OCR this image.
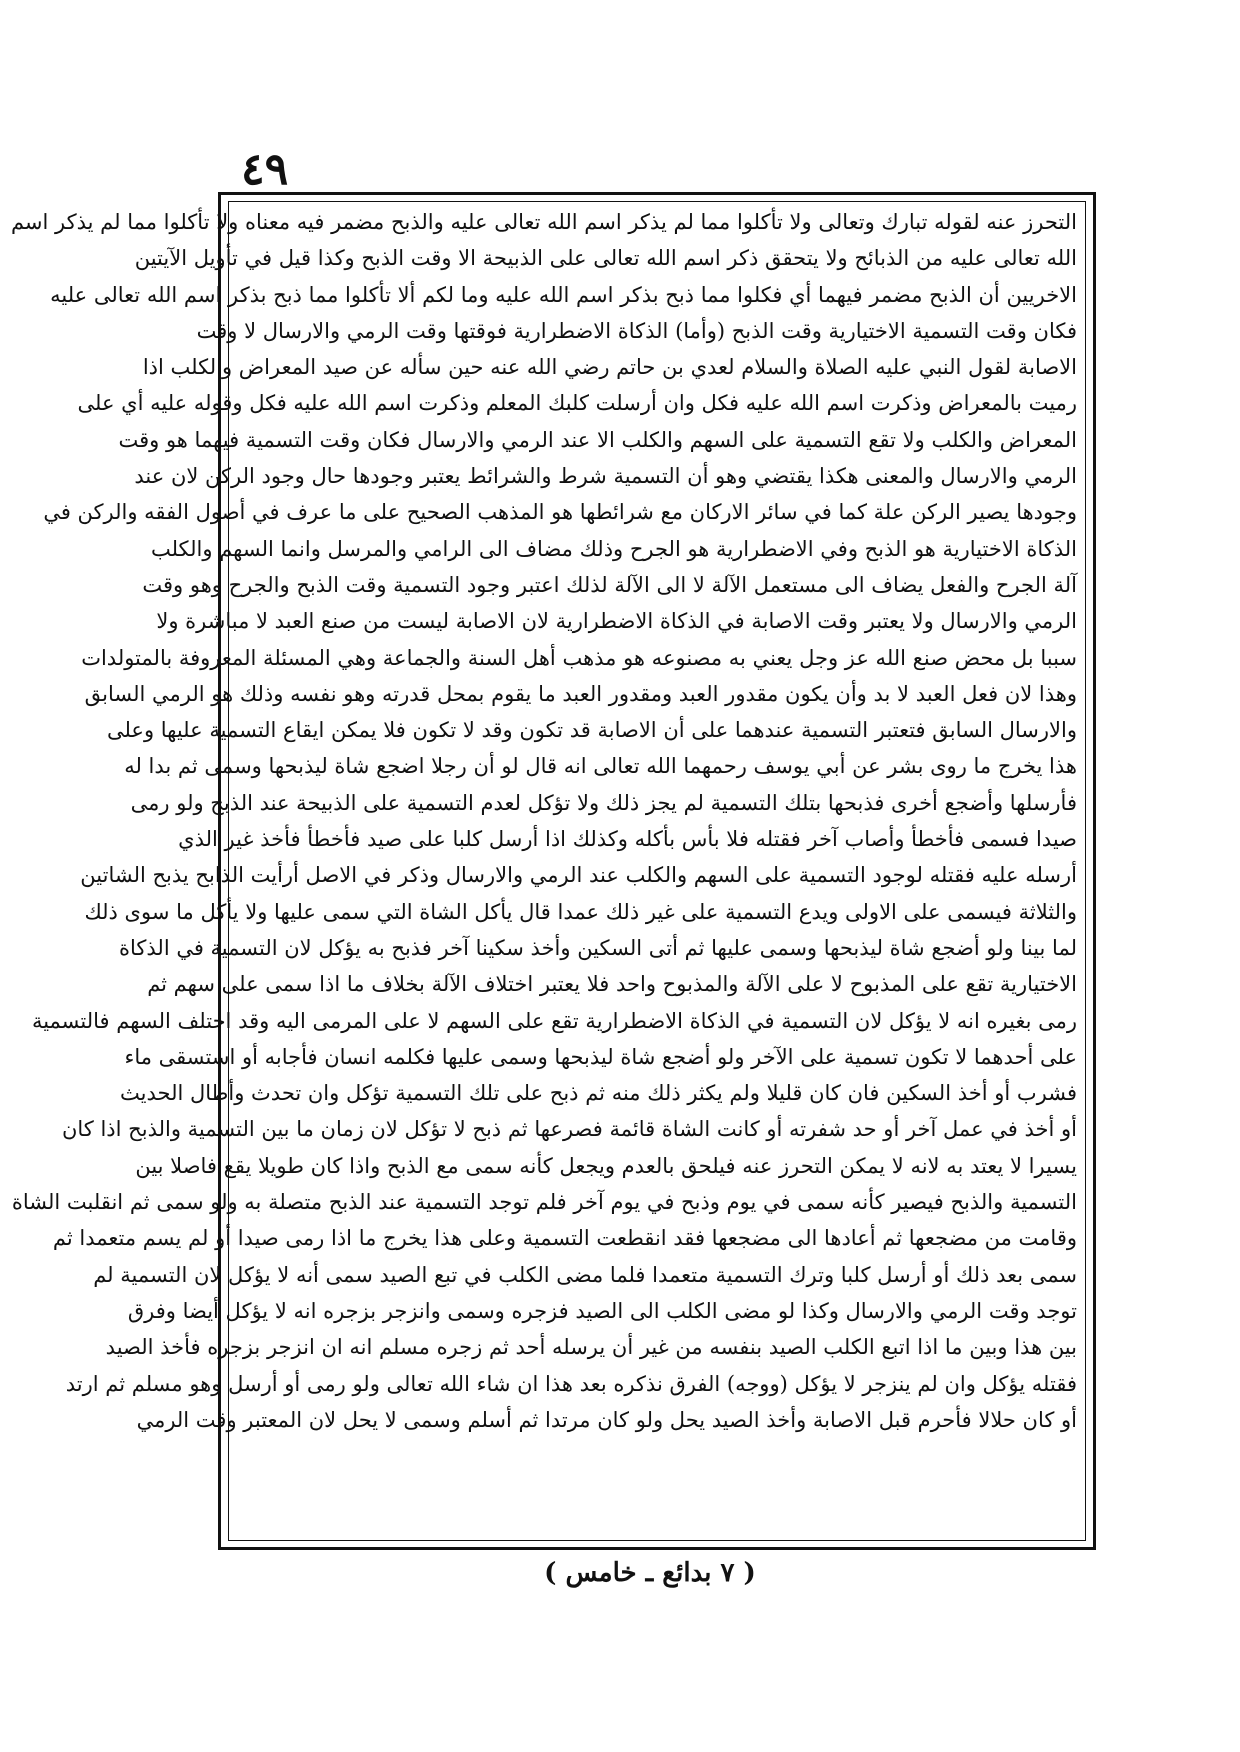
٤٩
التحرز عنه لقوله تبارك وتعالى ولا تأكلوا مما لم يذكر اسم الله تعالى عليه والذبح مضمر فيه معناه ولا تأكلوا مما لم يذكر اسم
الله تعالى عليه من الذبائح ولا يتحقق ذكر اسم الله تعالى على الذبيحة الا وقت الذبح وكذا قيل في تأويل الآيتين
الاخريين أن الذبح مضمر فيهما أي فكلوا مما ذبح بذكر اسم الله عليه وما لكم ألا تأكلوا مما ذبح بذكر اسم الله تعالى عليه
فكان وقت التسمية الاختيارية وقت الذبح (وأما) الذكاة الاضطرارية فوقتها وقت الرمي والارسال لا وقت
الاصابة لقول النبي عليه الصلاة والسلام لعدي بن حاتم رضي الله عنه حين سأله عن صيد المعراض والكلب اذا
رميت بالمعراض وذكرت اسم الله عليه فكل وان أرسلت كلبك المعلم وذكرت اسم الله عليه فكل وقوله عليه أي على
المعراض والكلب ولا تقع التسمية على السهم والكلب الا عند الرمي والارسال فكان وقت التسمية فيهما هو وقت
الرمي والارسال والمعنى هكذا يقتضي وهو أن التسمية شرط والشرائط يعتبر وجودها حال وجود الركن لان عند
وجودها يصير الركن علة كما في سائر الاركان مع شرائطها هو المذهب الصحيح على ما عرف في أصول الفقه والركن في
الذكاة الاختيارية هو الذبح وفي الاضطرارية هو الجرح وذلك مضاف الى الرامي والمرسل وانما السهم والكلب
آلة الجرح والفعل يضاف الى مستعمل الآلة لا الى الآلة لذلك اعتبر وجود التسمية وقت الذبح والجرح وهو وقت
الرمي والارسال ولا يعتبر وقت الاصابة في الذكاة الاضطرارية لان الاصابة ليست من صنع العبد لا مباشرة ولا
سببا بل محض صنع الله عز وجل يعني به مصنوعه هو مذهب أهل السنة والجماعة وهي المسئلة المعروفة بالمتولدات
وهذا لان فعل العبد لا بد وأن يكون مقدور العبد ومقدور العبد ما يقوم بمحل قدرته وهو نفسه وذلك هو الرمي السابق
والارسال السابق فتعتبر التسمية عندهما على أن الاصابة قد تكون وقد لا تكون فلا يمكن ايقاع التسمية عليها وعلى
هذا يخرج ما روى بشر عن أبي يوسف رحمهما الله تعالى انه قال لو أن رجلا اضجع شاة ليذبحها وسمى ثم بدا له
فأرسلها وأضجع أخرى فذبحها بتلك التسمية لم يجز ذلك ولا تؤكل لعدم التسمية على الذبيحة عند الذبح ولو رمى
صيدا فسمى فأخطأ وأصاب آخر فقتله فلا بأس بأكله وكذلك اذا أرسل كلبا على صيد فأخطأ فأخذ غير الذي
أرسله عليه فقتله لوجود التسمية على السهم والكلب عند الرمي والارسال وذكر في الاصل أرأيت الذابح يذبح الشاتين
والثلاثة فيسمى على الاولى ويدع التسمية على غير ذلك عمدا قال يأكل الشاة التي سمى عليها ولا يأكل ما سوى ذلك
لما بينا ولو أضجع شاة ليذبحها وسمى عليها ثم أتى السكين وأخذ سكينا آخر فذبح به يؤكل لان التسمية في الذكاة
الاختيارية تقع على المذبوح لا على الآلة والمذبوح واحد فلا يعتبر اختلاف الآلة بخلاف ما اذا سمى على سهم ثم
رمى بغيره انه لا يؤكل لان التسمية في الذكاة الاضطرارية تقع على السهم لا على المرمى اليه وقد اختلف السهم فالتسمية
على أحدهما لا تكون تسمية على الآخر ولو أضجع شاة ليذبحها وسمى عليها فكلمه انسان فأجابه أو استسقى ماء
فشرب أو أخذ السكين فان كان قليلا ولم يكثر ذلك منه ثم ذبح على تلك التسمية تؤكل وان تحدث وأطال الحديث
أو أخذ في عمل آخر أو حد شفرته أو كانت الشاة قائمة فصرعها ثم ذبح لا تؤكل لان زمان ما بين التسمية والذبح اذا كان
يسيرا لا يعتد به لانه لا يمكن التحرز عنه فيلحق بالعدم ويجعل كأنه سمى مع الذبح واذا كان طويلا يقع فاصلا بين
التسمية والذبح فيصير كأنه سمى في يوم وذبح في يوم آخر فلم توجد التسمية عند الذبح متصلة به ولو سمى ثم انقلبت الشاة
وقامت من مضجعها ثم أعادها الى مضجعها فقد انقطعت التسمية وعلى هذا يخرج ما اذا رمى صيدا أو لم يسم متعمدا ثم
سمى بعد ذلك أو أرسل كلبا وترك التسمية متعمدا فلما مضى الكلب في تبع الصيد سمى أنه لا يؤكل لان التسمية لم
توجد وقت الرمي والارسال وكذا لو مضى الكلب الى الصيد فزجره وسمى وانزجر بزجره انه لا يؤكل أيضا وفرق
بين هذا وبين ما اذا اتبع الكلب الصيد بنفسه من غير أن يرسله أحد ثم زجره مسلم انه ان انزجر بزجره فأخذ الصيد
فقتله يؤكل وان لم ينزجر لا يؤكل (ووجه) الفرق نذكره بعد هذا ان شاء الله تعالى ولو رمى أو أرسل وهو مسلم ثم ارتد
أو كان حلالا فأحرم قبل الاصابة وأخذ الصيد يحل ولو كان مرتدا ثم أسلم وسمى لا يحل لان المعتبر وقت الرمي
( ٧ بدائع ـ خامس )
